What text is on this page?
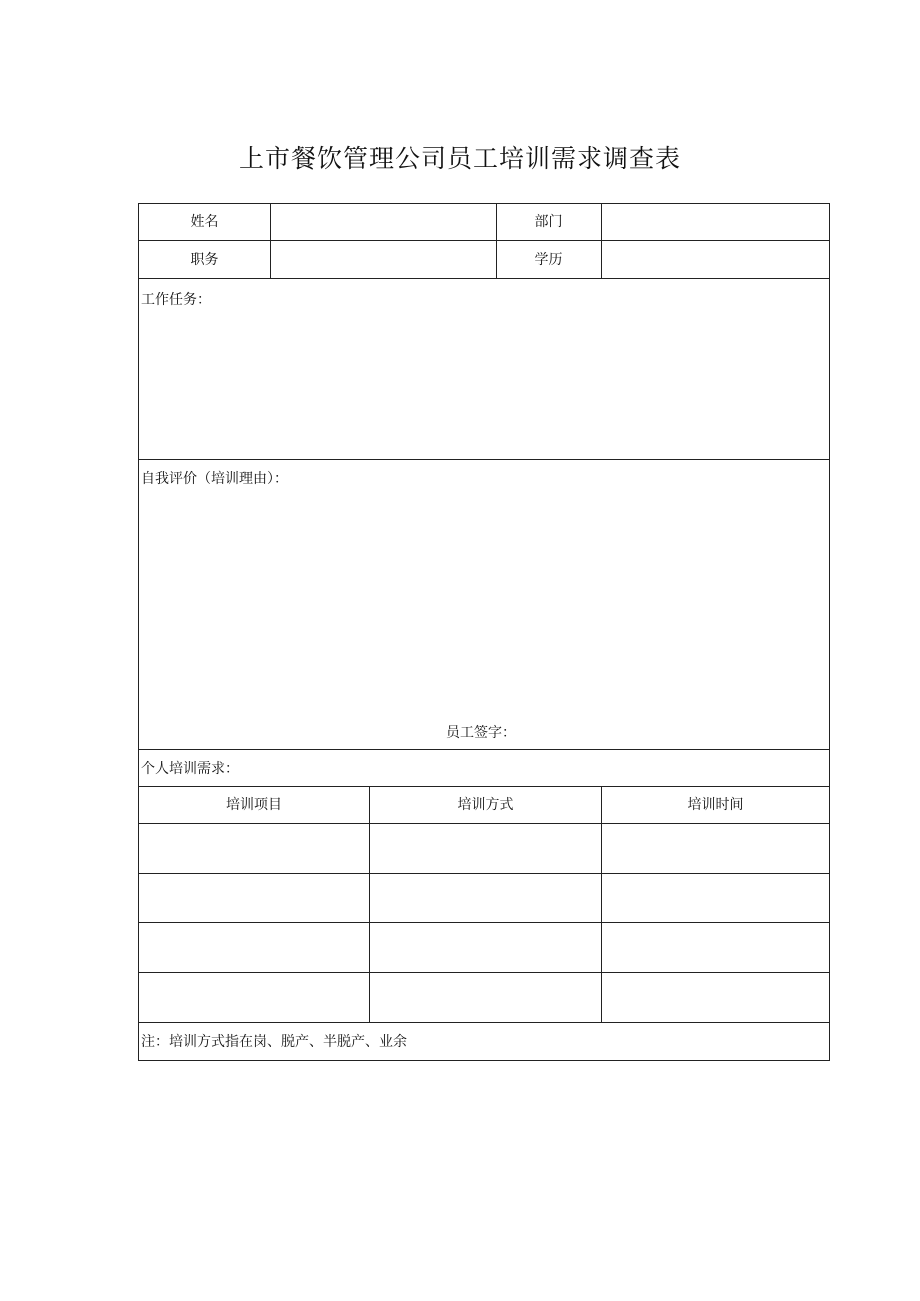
上市餐饮管理公司员工培训需求调查表
姓名	部门
职务	学历
工作任务：
自我评价（培训理由）：
员工签字：
个人培训需求：
培训项目	培训方式	培训时间
注：培训方式指在岗、脱产、半脱产、业余
